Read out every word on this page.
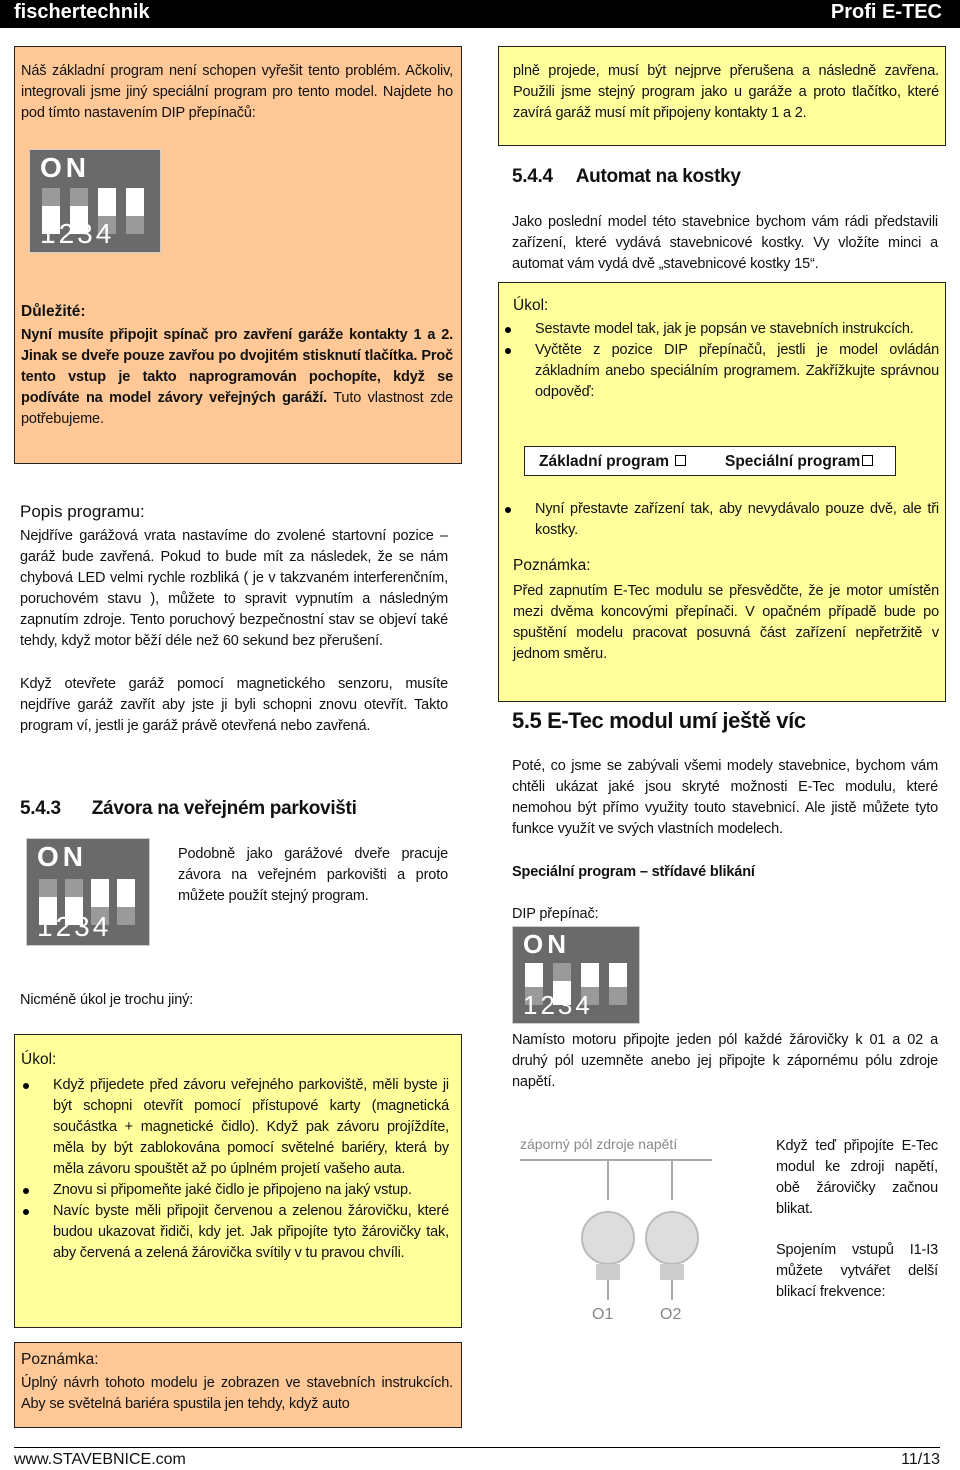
fischertechnik	Profi E-TEC
Náš základní program není schopen vyřešit tento problém. Ačkoliv, integrovali jsme jiný speciální program pro tento model. Najdete ho pod tímto nastavením DIP přepínačů:
ON
1234
Důležité:
Nyní musíte připojit spínač pro zavření garáže kontakty 1 a 2. Jinak se dveře pouze zavřou po dvojitém stisknutí tlačítka. Proč tento vstup je takto naprogramován pochopíte, když se podíváte na model závory veřejných garáží. Tuto vlastnost zde potřebujeme.
Popis programu:
Nejdříve garážová vrata nastavíme do zvolené startovní pozice – garáž bude zavřená. Pokud to bude mít za následek, že se nám chybová LED velmi rychle rozbliká ( je v takzvaném interferenčním, poruchovém stavu ), můžete to spravit vypnutím a následným zapnutím zdroje. Tento poruchový bezpečnostní stav se objeví také tehdy, když motor běží déle než 60 sekund bez přerušení.
Když otevřete garáž pomocí magnetického senzoru, musíte nejdříve garáž zavřít aby jste ji byli schopni znovu otevřít. Takto program ví, jestli je garáž právě otevřená nebo zavřená.
5.4.3 Závora na veřejném parkovišti
ON
1234
Podobně jako garážové dveře pracuje závora na veřejném parkovišti a proto můžete použít stejný program.
Nicméně úkol je trochu jiný:
Úkol:
Když přijedete před závoru veřejného parkoviště, měli byste ji být schopni otevřít pomocí přístupové karty (magnetická součástka + magnetické čidlo). Když pak závoru projíždíte, měla by být zablokována pomocí světelné bariéry, která by měla závoru spouštět až po úplném projetí vašeho auta.
Znovu si připomeňte jaké čidlo je připojeno na jaký vstup.
Navíc byste měli připojit červenou a zelenou žárovičku, které budou ukazovat řidiči, kdy jet. Jak připojíte tyto žárovičky tak, aby červená a zelená žárovička svítily v tu pravou chvíli.
Poznámka:
Úplný návrh tohoto modelu je zobrazen ve stavebních instrukcích. Aby se světelná bariéra spustila jen tehdy, když auto
plně projede, musí být nejprve přerušena a následně zavřena. Použili jsme stejný program jako u garáže a proto tlačítko, které zavírá garáž musí mít připojeny kontakty 1 a 2.
5.4.4 Automat na kostky
Jako poslední model této stavebnice bychom vám rádi představili zařízení, které vydává stavebnicové kostky. Vy vložíte minci a automat vám vydá dvě „stavebnicové kostky 15“.
Úkol:
Sestavte model tak, jak je popsán ve stavebních instrukcích.
Vyčtěte z pozice DIP přepínačů, jestli je model ovládán základním anebo speciálním programem. Zakřížkujte správnou odpověď:
Nyní přestavte zařízení tak, aby nevydávalo pouze dvě, ale tři kostky.
Poznámka:
Před zapnutím E-Tec modulu se přesvědčte, že je motor umístěn mezi dvěma koncovými přepínači. V opačném případě bude po spuštění modelu pracovat posuvná část zařízení nepřetržitě v jednom směru.
Základní program	Speciální program
5.5 E-Tec modul umí ještě víc
Poté, co jsme se zabývali všemi modely stavebnice, bychom vám chtěli ukázat jaké jsou skryté možnosti E-Tec modulu, které nemohou být přímo využity touto stavebnicí. Ale jistě můžete tyto funkce využít ve svých vlastních modelech.
Speciální program – střídavé blikání
DIP přepínač:
ON
1234
Namísto motoru připojte jeden pól každé žárovičky k 01 a 02 a druhý pól uzemněte anebo jej připojte k zápornému pólu zdroje napětí.
záporný pól zdroje napětí
O1	O2
Když teď připojíte E-Tec modul ke zdroji napětí, obě žárovičky začnou blikat.
Spojením vstupů I1-I3 můžete vytvářet delší blikací frekvence:
www.STAVEBNICE.com	11/13
